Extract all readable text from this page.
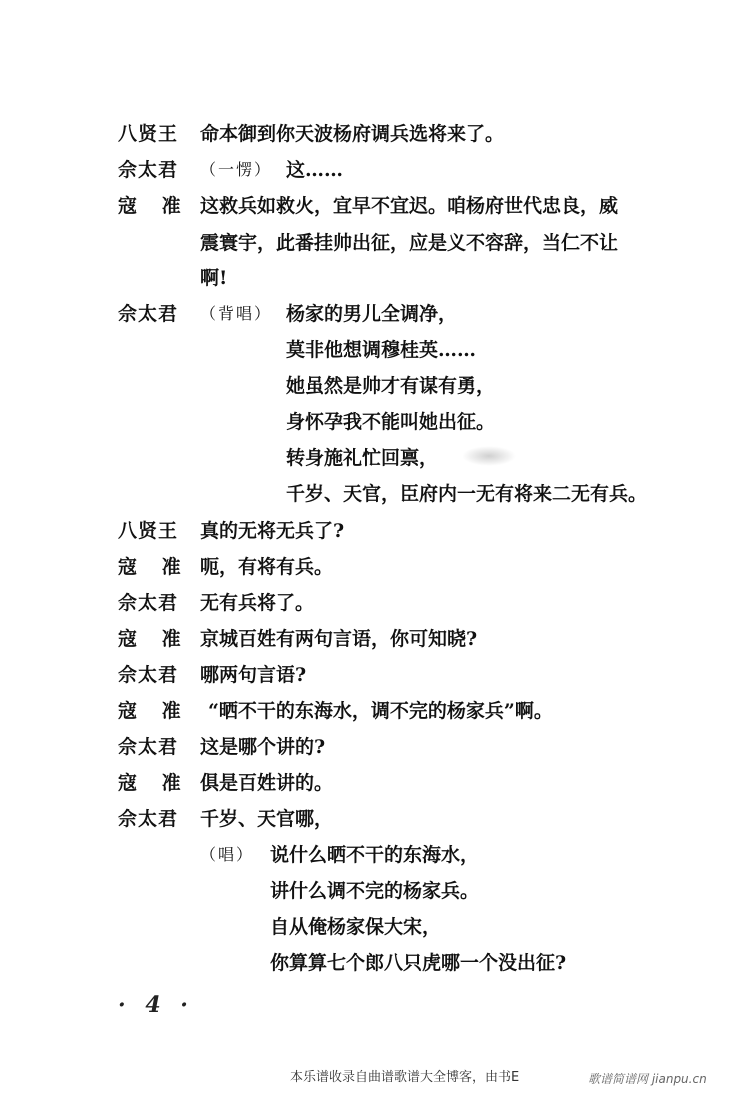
八贤王 命本御到你天波杨府调兵选将来了。
佘太君 （一愣） 这……
寇 准 这救兵如救火，宜早不宜迟。咱杨府世代忠良，威
震寰宇，此番挂帅出征，应是义不容辞，当仁不让
啊!
佘太君 （背唱） 杨家的男儿全调净，
莫非他想调穆桂英……
她虽然是帅才有谋有勇，
身怀孕我不能叫她出征。
转身施礼忙回禀，
千岁、天官，臣府内一无有将来二无有兵。
八贤王 真的无将无兵了?
寇 准 呃，有将有兵。
佘太君 无有兵将了。
寇 准 京城百姓有两句言语，你可知晓?
佘太君 哪两句言语?
寇 准 “晒不干的东海水，调不完的杨家兵”啊。
佘太君 这是哪个讲的?
寇 准 俱是百姓讲的。
佘太君 千岁、天官哪，
（唱） 说什么晒不干的东海水，
讲什么调不完的杨家兵。
自从俺杨家保大宋，
你算算七个郎八只虎哪一个没出征?
· 4 ·
本乐谱收录自曲谱歌谱大全博客，由书E	歌谱简谱网 jianpu.cn
